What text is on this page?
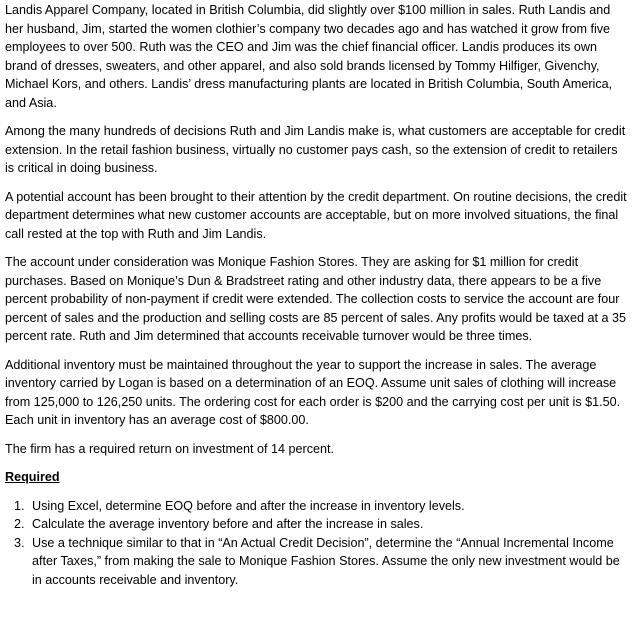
Landis Apparel Company, located in British Columbia, did slightly over $100 million in sales. Ruth Landis and her husband, Jim, started the women clothier’s company two decades ago and has watched it grow from five employees to over 500. Ruth was the CEO and Jim was the chief financial officer. Landis produces its own brand of dresses, sweaters, and other apparel, and also sold brands licensed by Tommy Hilfiger, Givenchy, Michael Kors, and others. Landis’ dress manufacturing plants are located in British Columbia, South America, and Asia.

Among the many hundreds of decisions Ruth and Jim Landis make is, what customers are acceptable for credit extension. In the retail fashion business, virtually no customer pays cash, so the extension of credit to retailers is critical in doing business.

A potential account has been brought to their attention by the credit department. On routine decisions, the credit department determines what new customer accounts are acceptable, but on more involved situations, the final call rested at the top with Ruth and Jim Landis.

The account under consideration was Monique Fashion Stores. They are asking for $1 million for credit purchases. Based on Monique’s Dun & Bradstreet rating and other industry data, there appears to be a five percent probability of non-payment if credit were extended. The collection costs to service the account are four percent of sales and the production and selling costs are 85 percent of sales. Any profits would be taxed at a 35 percent rate. Ruth and Jim determined that accounts receivable turnover would be three times.

Additional inventory must be maintained throughout the year to support the increase in sales. The average inventory carried by Logan is based on a determination of an EOQ. Assume unit sales of clothing will increase from 125,000 to 126,250 units. The ordering cost for each order is $200 and the carrying cost per unit is $1.50. Each unit in inventory has an average cost of $800.00.

The firm has a required return on investment of 14 percent.

Required
1. Using Excel, determine EOQ before and after the increase in inventory levels.
2. Calculate the average inventory before and after the increase in sales.
3. Use a technique similar to that in “An Actual Credit Decision”, determine the “Annual Incremental Income after Taxes,” from making the sale to Monique Fashion Stores. Assume the only new investment would be in accounts receivable and inventory.
